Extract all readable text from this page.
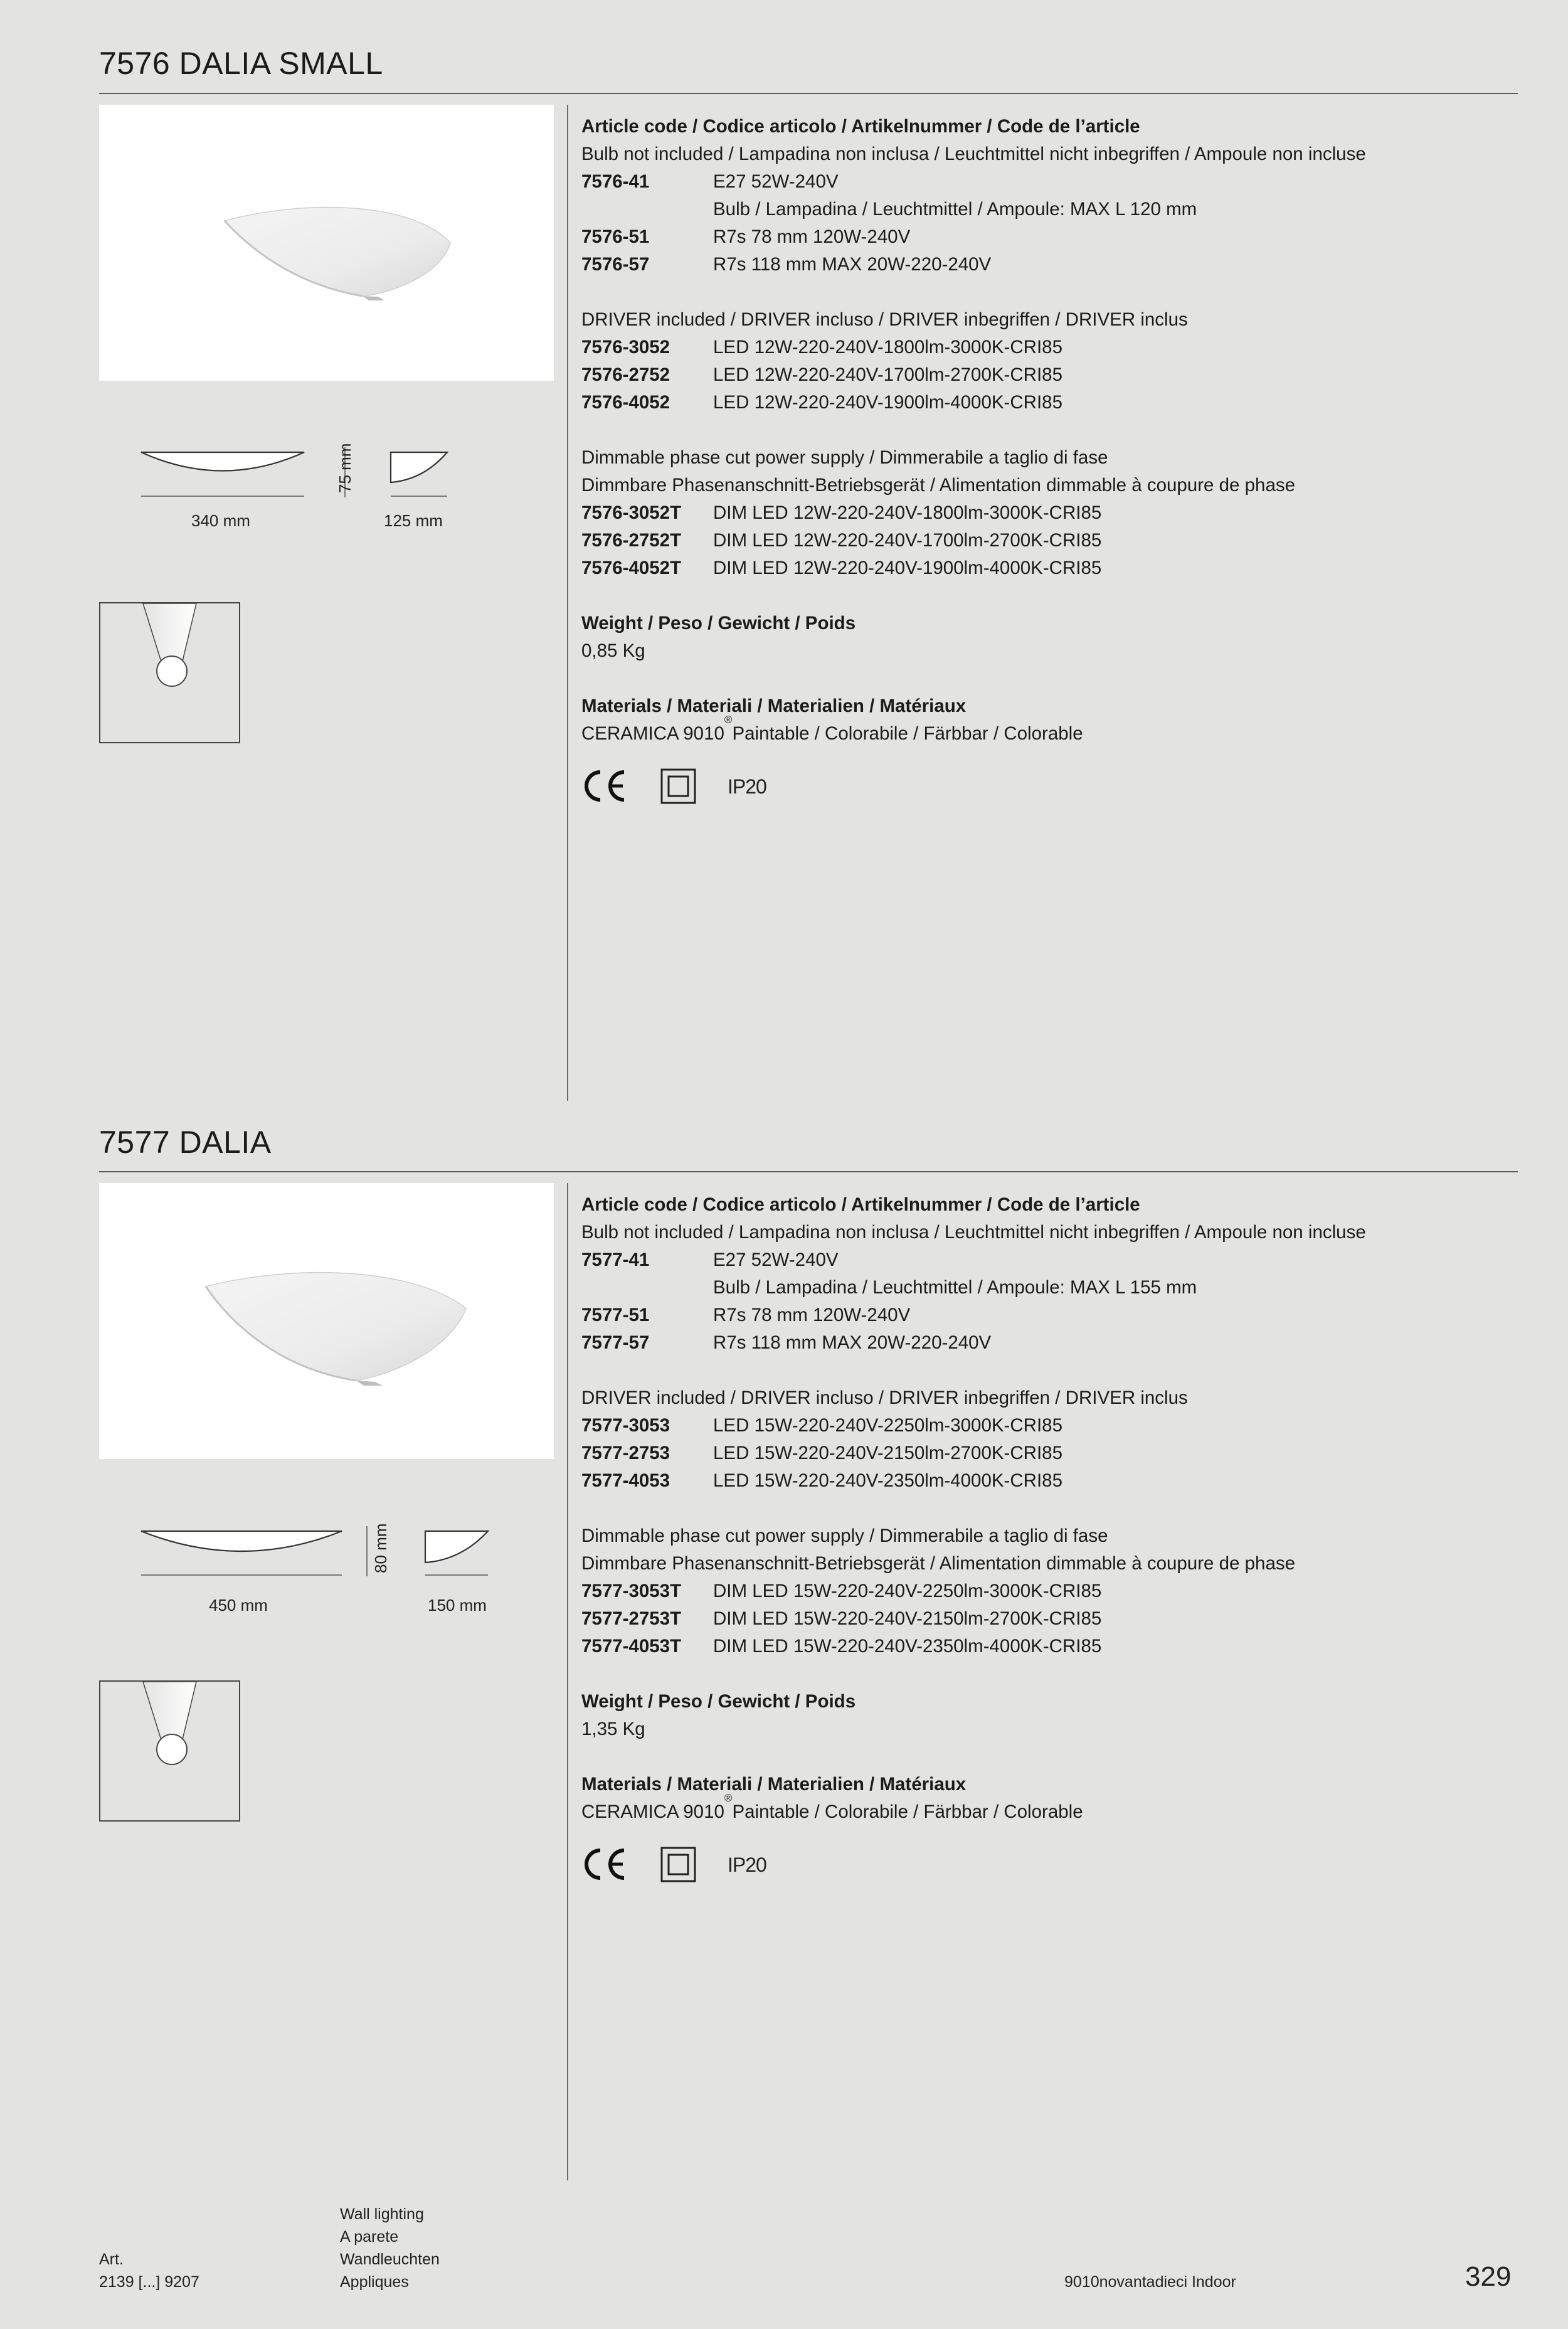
7576 DALIA SMALL
75 mm
340 mm	125 mm
Article code / Codice articolo / Artikelnummer / Code de l’article
Bulb not included / Lampadina non inclusa / Leuchtmittel nicht inbegriffen / Ampoule non incluse
7576-41	E27 52W-240V
Bulb / Lampadina / Leuchtmittel / Ampoule: MAX L 120 mm
7576-51	R7s 78 mm 120W-240V
7576-57	R7s 118 mm MAX 20W-220-240V
DRIVER included / DRIVER incluso / DRIVER inbegriffen / DRIVER inclus
7576-3052	LED 12W-220-240V-1800lm-3000K-CRI85
7576-2752	LED 12W-220-240V-1700lm-2700K-CRI85
7576-4052	LED 12W-220-240V-1900lm-4000K-CRI85
Dimmable phase cut power supply / Dimmerabile a taglio di fase
Dimmbare Phasenanschnitt-Betriebsgerät / Alimentation dimmable à coupure de phase
7576-3052T	DIM LED 12W-220-240V-1800lm-3000K-CRI85
7576-2752T	DIM LED 12W-220-240V-1700lm-2700K-CRI85
7576-4052T	DIM LED 12W-220-240V-1900lm-4000K-CRI85
Weight / Peso / Gewicht / Poids
0,85 Kg
Materials / Materiali / Materialien / Matériaux
CERAMICA 9010
®
Paintable / Colorabile / Färbbar / Colorable
IP20
7577 DALIA
80 mm
450 mm	150 mm
Article code / Codice articolo / Artikelnummer / Code de l’article
Bulb not included / Lampadina non inclusa / Leuchtmittel nicht inbegriffen / Ampoule non incluse
7577-41	E27 52W-240V
Bulb / Lampadina / Leuchtmittel / Ampoule: MAX L 155 mm
7577-51	R7s 78 mm 120W-240V
7577-57	R7s 118 mm MAX 20W-220-240V
DRIVER included / DRIVER incluso / DRIVER inbegriffen / DRIVER inclus
7577-3053	LED 15W-220-240V-2250lm-3000K-CRI85
7577-2753	LED 15W-220-240V-2150lm-2700K-CRI85
7577-4053	LED 15W-220-240V-2350lm-4000K-CRI85
Dimmable phase cut power supply / Dimmerabile a taglio di fase
Dimmbare Phasenanschnitt-Betriebsgerät / Alimentation dimmable à coupure de phase
7577-3053T	DIM LED 15W-220-240V-2250lm-3000K-CRI85
7577-2753T	DIM LED 15W-220-240V-2150lm-2700K-CRI85
7577-4053T	DIM LED 15W-220-240V-2350lm-4000K-CRI85
Weight / Peso / Gewicht / Poids
1,35 Kg
Materials / Materiali / Materialien / Matériaux
CERAMICA 9010
®
Paintable / Colorabile / Färbbar / Colorable
IP20
Art.
2139 [...] 9207
Wall lighting
A parete
Wandleuchten
Appliques	9010novantadieci Indoor	329
